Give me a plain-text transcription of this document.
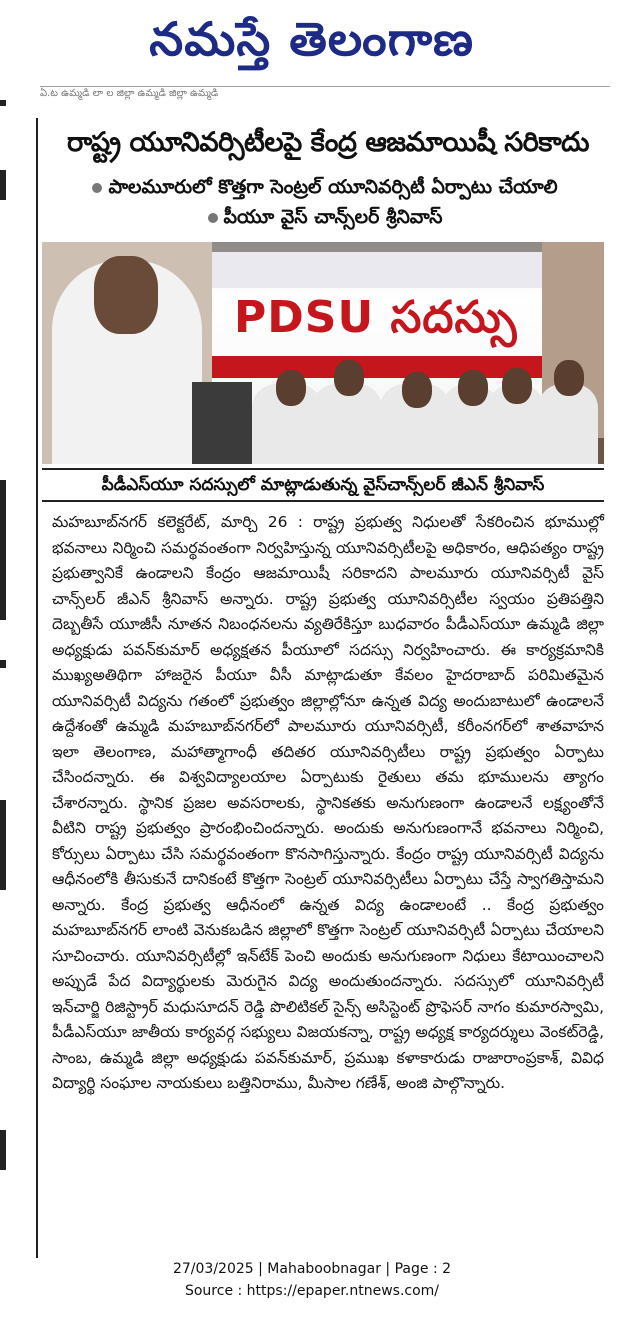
నమస్తే తెలంగాణ
ఏ.ట ఉమ్మడి లా ల జిల్లా ఉమ్మడి జిల్లా ఉమ్మడి
రాష్ట్ర యూనివర్సిటీలపై కేంద్ర ఆజమాయిషీ సరికాదు
పాలమూరులో కొత్తగా సెంట్రల్ యూనివర్సిటీ ఏర్పాటు చేయాలి
పీయూ వైస్ చాన్స్‌లర్ శ్రీనివాస్
PDSU సదస్సు
పీడీఎస్‌యూ సదస్సులో మాట్లాడుతున్న వైస్‌చాన్స్‌లర్ జీఎన్ శ్రీనివాస్

మహబూబ్‌నగర్ కలెక్టరేట్, మార్చి 26 : రాష్ట్ర ప్రభుత్వ నిధులతో సేకరించిన భూముల్లో భవనాలు నిర్మించి సమర్థవంతంగా నిర్వహిస్తున్న యూనివర్సిటీలపై అధికారం, ఆధిపత్యం రాష్ట్ర ప్రభుత్వానికే ఉండాలని కేంద్రం ఆజమాయిషీ సరికాదని పాలమూరు యూనివర్సిటీ వైస్ చాన్స్‌లర్ జీఎన్ శ్రీనివాస్ అన్నారు. రాష్ట్ర ప్రభుత్వ యూనివర్సిటీల స్వయం ప్రతిపత్తిని దెబ్బతీసే యూజీసీ నూతన నిబంధనలను వ్యతిరేకిస్తూ బుధవారం పీడీఎస్‌యూ ఉమ్మడి జిల్లా అధ్యక్షుడు పవన్‌కుమార్ అధ్యక్షతన పీయూలో సదస్సు నిర్వహించారు. ఈ కార్యక్రమానికి ముఖ్యఅతిథిగా హాజరైన పీయూ వీసీ మాట్లాడుతూ కేవలం హైదరాబాద్ పరిమితమైన యూనివర్సిటీ విద్యను గతంలో ప్రభుత్వం జిల్లాల్లోనూ ఉన్నత విద్య అందుబాటులో ఉండాలనే ఉద్దేశంతో ఉమ్మడి మహబూబ్‌నగర్‌లో పాలమూరు యూనివర్సిటీ, కరీంనగర్‌లో శాతవాహన ఇలా తెలంగాణ, మహాత్మాగాంధీ తదితర యూనివర్సిటీలు రాష్ట్ర ప్రభుత్వం ఏర్పాటు చేసిందన్నారు. ఈ విశ్వవిద్యాలయాల ఏర్పాటుకు రైతులు తమ భూములను త్యాగం చేశారన్నారు. స్థానిక ప్రజల అవసరాలకు, స్థానికతకు అనుగుణంగా ఉండాలనే లక్ష్యంతోనే వీటిని రాష్ట్ర ప్రభుత్వం ప్రారంభించిందన్నారు. అందుకు అనుగుణంగానే భవనాలు నిర్మించి, కోర్సులు ఏర్పాటు చేసి సమర్థవంతంగా కొనసాగిస్తున్నారు. కేంద్రం రాష్ట్ర యూనివర్సిటీ విద్యను ఆధీనంలోకి తీసుకునే దానికంటే కొత్తగా సెంట్రల్ యూనివర్సిటీలు ఏర్పాటు చేస్తే స్వాగతిస్తామని అన్నారు. కేంద్ర ప్రభుత్వ ఆధీనంలో ఉన్నత విద్య ఉండాలంటే .. కేంద్ర ప్రభుత్వం మహబూబ్‌నగర్ లాంటి వెనుకబడిన జిల్లాలో కొత్తగా సెంట్రల్ యూనివర్సిటీ ఏర్పాటు చేయాలని సూచించారు. యూనివర్సిటీల్లో ఇన్‌టేక్ పెంచి అందుకు అనుగుణంగా నిధులు కేటాయించాలని అప్పుడే పేద విద్యార్థులకు మెరుగైన విద్య అందుతుందన్నారు. సదస్సులో యూనివర్సిటీ ఇన్‌చార్జి రిజిస్ట్రార్ మధుసూదన్ రెడ్డి పొలిటికల్ సైన్స్ అసిస్టెంట్ ప్రొఫెసర్ నాగం కుమారస్వామి, పీడీఎస్‌యూ జాతీయ కార్యవర్గ సభ్యులు విజయకన్నా, రాష్ట్ర అధ్యక్ష కార్యదర్శులు వెంకట్‌రెడ్డి, సాంబ, ఉమ్మడి జిల్లా అధ్యక్షుడు పవన్‌కుమార్, ప్రముఖ కళాకారుడు రాజారాంప్రకాశ్, వివిధ విద్యార్థి సంఘాల నాయకులు బత్తినిరాము, మీసాల గణేశ్, అంజి పాల్గొన్నారు.

27/03/2025 | Mahaboobnagar | Page : 2
Source : https://epaper.ntnews.com/
